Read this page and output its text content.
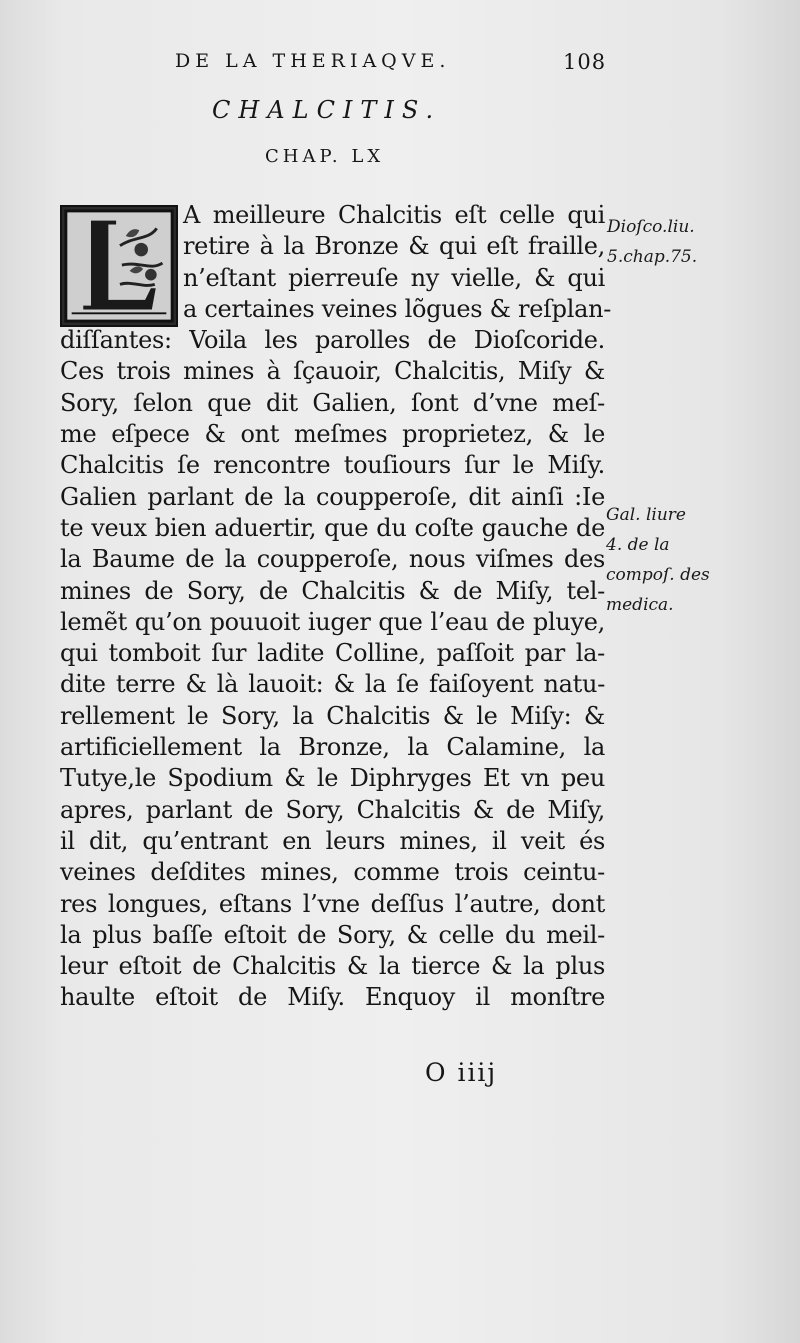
DE LA THERIAQVE.	108
CHALCITIS.
CHAP. LX
A meilleure Chalcitis eſt celle qui
retire à la Bronze & qui eſt fraille,
n’eſtant pierreuſe ny vielle, & qui
a certaines veines lõgues & reſplan-
diſſantes: Voila les parolles de Dioſcoride.
Ces trois mines à ſçauoir, Chalcitis, Miſy &
Sory, ſelon que dit Galien, ſont d’vne meſ-
me eſpece & ont meſmes proprietez, & le
Chalcitis ſe rencontre touſiours ſur le Miſy.
Galien parlant de la coupperoſe, dit ainſi :Ie
te veux bien aduertir, que du coſte gauche de
la Baume de la coupperoſe, nous viſmes des
mines de Sory, de Chalcitis & de Miſy, tel-
lemẽt qu’on pouuoit iuger que l’eau de pluye,
qui tomboit ſur ladite Colline, paſſoit par la-
dite terre & là lauoit: & la ſe faiſoyent natu-
rellement le Sory, la Chalcitis & le Miſy: &
artificiellement la Bronze, la Calamine, la
Tutye,le Spodium & le Diphryges Et vn peu
apres, parlant de Sory, Chalcitis & de Miſy,
il dit, qu’entrant en leurs mines, il veit és
veines deſdites mines, comme trois ceintu-
res longues, eſtans l’vne deſſus l’autre, dont
la plus baſſe eſtoit de Sory, & celle du meil-
leur eſtoit de Chalcitis & la tierce & la plus
haulte eſtoit de Miſy. Enquoy il monſtre
Dioſco.liu.
5.chap.75.
Gal. liure
4. de la
compoſ. des
medica.
O iiij
